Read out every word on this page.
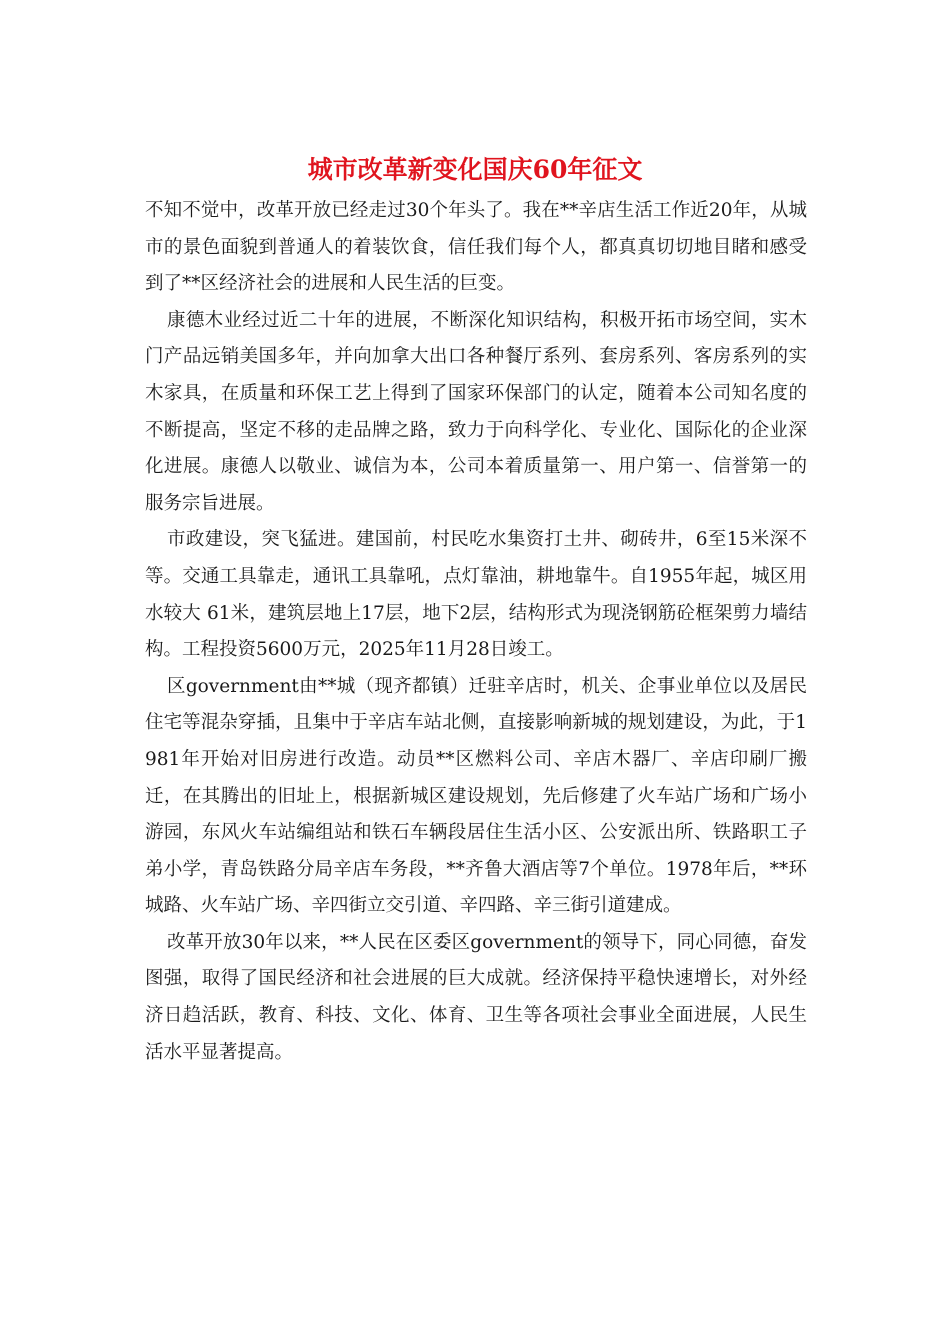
城市改革新变化国庆60年征文

不知不觉中，改革开放已经走过30个年头了。我在**辛店生活工作近20年，从城市的景色面貌到普通人的着装饮食，信任我们每个人，都真真切切地目睹和感受到了**区经济社会的进展和人民生活的巨变。

康德木业经过近二十年的进展，不断深化知识结构，积极开拓市场空间，实木门产品远销美国多年，并向加拿大出口各种餐厅系列、套房系列、客房系列的实木家具，在质量和环保工艺上得到了国家环保部门的认定，随着本公司知名度的不断提高，坚定不移的走品牌之路，致力于向科学化、专业化、国际化的企业深化进展。康德人以敬业、诚信为本，公司本着质量第一、用户第一、信誉第一的服务宗旨进展。

市政建设，突飞猛进。建国前，村民吃水集资打土井、砌砖井，6至15米深不等。交通工具靠走，通讯工具靠吼，点灯靠油，耕地靠牛。自1955年起，城区用水较大 61米，建筑层地上17层，地下2层，结构形式为现浇钢筋砼框架剪力墙结构。工程投资5600万元，2025年11月28日竣工。

区government由**城（现齐都镇）迁驻辛店时，机关、企事业单位以及居民住宅等混杂穿插，且集中于辛店车站北侧，直接影响新城的规划建设，为此，于1981年开始对旧房进行改造。动员**区燃料公司、辛店木器厂、辛店印刷厂搬迁，在其腾出的旧址上，根据新城区建设规划，先后修建了火车站广场和广场小游园，东风火车站编组站和铁石车辆段居住生活小区、公安派出所、铁路职工子弟小学，青岛铁路分局辛店车务段，**齐鲁大酒店等7个单位。1978年后，**环城路、火车站广场、辛四街立交引道、辛四路、辛三街引道建成。

改革开放30年以来，**人民在区委区government的领导下，同心同德，奋发图强，取得了国民经济和社会进展的巨大成就。经济保持平稳快速增长，对外经济日趋活跃，教育、科技、文化、体育、卫生等各项社会事业全面进展，人民生活水平显著提高。
